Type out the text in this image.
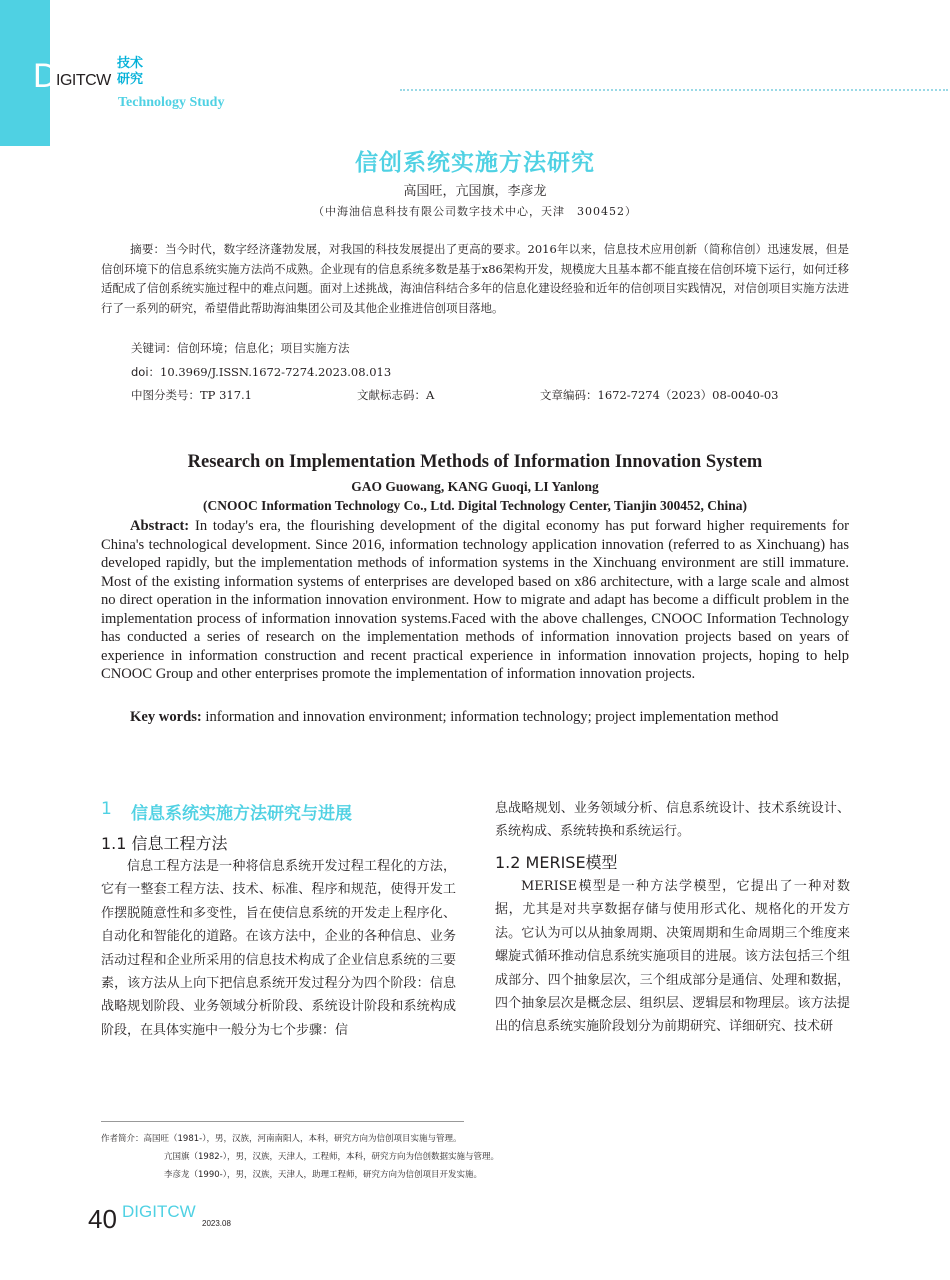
D
IGITCW
技术
研究
Technology Study
信创系统实施方法研究
高国旺，亢国旗，李彦龙
（中海油信息科技有限公司数字技术中心，天津　300452）
摘要：当今时代，数字经济蓬勃发展，对我国的科技发展提出了更高的要求。2016年以来，信息技术应用创新（简称信创）迅速发展，但是信创环境下的信息系统实施方法尚不成熟。企业现有的信息系统多数是基于x86架构开发，规模庞大且基本都不能直接在信创环境下运行，如何迁移适配成了信创系统实施过程中的难点问题。面对上述挑战，海油信科结合多年的信息化建设经验和近年的信创项目实践情况，对信创项目实施方法进行了一系列的研究，希望借此帮助海油集团公司及其他企业推进信创项目落地。
关键词：信创环境；信息化；项目实施方法
doi：10.3969/J.ISSN.1672-7274.2023.08.013
中图分类号：TP 317.1	文献标志码：A	文章编码：1672-7274（2023）08-0040-03
Research on Implementation Methods of Information Innovation System
GAO Guowang, KANG Guoqi, LI Yanlong
(CNOOC Information Technology Co., Ltd. Digital Technology Center, Tianjin 300452, China)
Abstract: In today's era, the flourishing development of the digital economy has put forward higher requirements for China's technological development. Since 2016, information technology application innovation (referred to as Xinchuang) has developed rapidly, but the implementation methods of information systems in the Xinchuang environment are still immature. Most of the existing information systems of enterprises are developed based on x86 architecture, with a large scale and almost no direct operation in the information innovation environment. How to migrate and adapt has become a difficult problem in the implementation process of information innovation systems.Faced with the above challenges, CNOOC Information Technology has conducted a series of research on the implementation methods of information innovation projects based on years of experience in information construction and recent practical experience in information innovation projects, hoping to help CNOOC Group and other enterprises promote the implementation of information innovation projects.
Key words: information and innovation environment; information technology; project implementation method
1 信息系统实施方法研究与进展
1.1 信息工程方法
信息工程方法是一种将信息系统开发过程工程化的方法，它有一整套工程方法、技术、标准、程序和规范，使得开发工作摆脱随意性和多变性，旨在使信息系统的开发走上程序化、自动化和智能化的道路。在该方法中，企业的各种信息、业务活动过程和企业所采用的信息技术构成了企业信息系统的三要素，该方法从上向下把信息系统开发过程分为四个阶段：信息战略规划阶段、业务领域分析阶段、系统设计阶段和系统构成阶段，在具体实施中一般分为七个步骤：信
息战略规划、业务领域分析、信息系统设计、技术系统设计、系统构成、系统转换和系统运行。
1.2 MERISE模型
MERISE模型是一种方法学模型，它提出了一种对数据，尤其是对共享数据存储与使用形式化、规格化的开发方法。它认为可以从抽象周期、决策周期和生命周期三个维度来螺旋式循环推动信息系统实施项目的进展。该方法包括三个组成部分、四个抽象层次，三个组成部分是通信、处理和数据，四个抽象层次是概念层、组织层、逻辑层和物理层。该方法提出的信息系统实施阶段划分为前期研究、详细研究、技术研
作者简介：高国旺（1981-），男，汉族，河南南阳人，本科，研究方向为信创项目实施与管理。
亢国旗（1982-），男，汉族，天津人，工程师，本科，研究方向为信创数据实施与管理。
李彦龙（1990-），男，汉族，天津人，助理工程师，研究方向为信创项目开发实施。
40 DIGITCW
2023.08
